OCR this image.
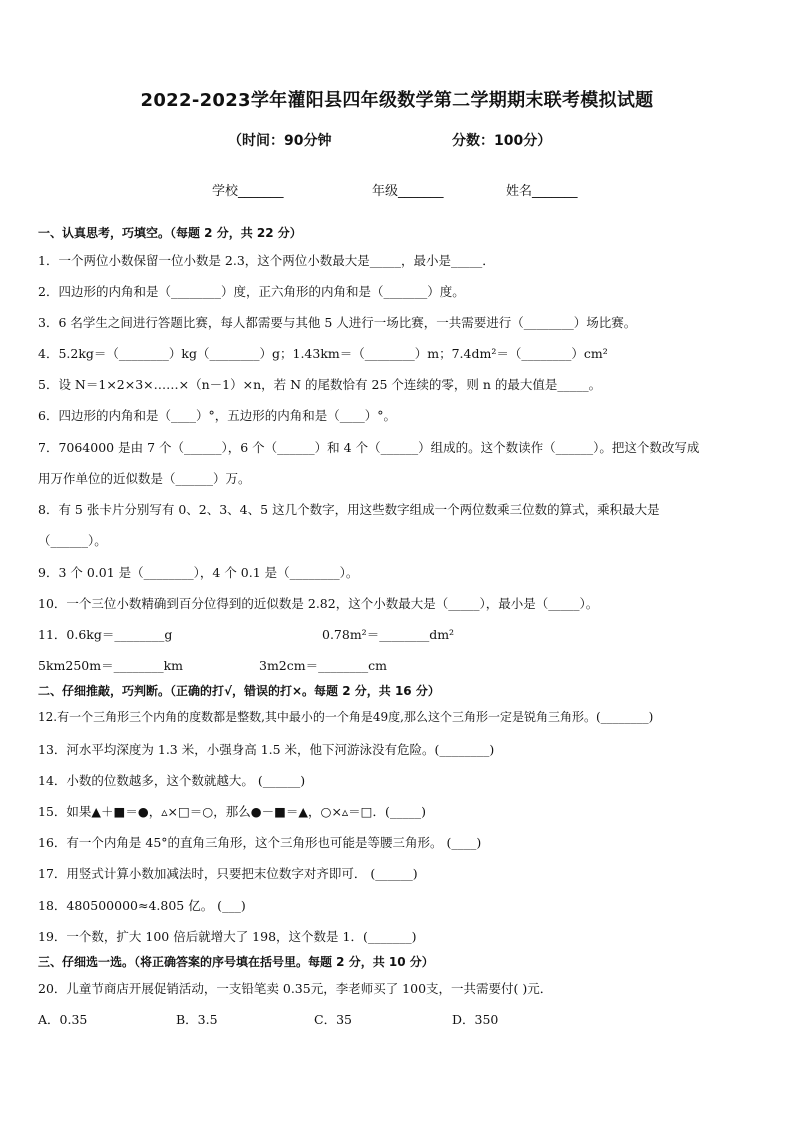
2022-2023学年灌阳县四年级数学第二学期期末联考模拟试题
（时间：90分钟	分数：100分）
学校_______	年级_______	姓名_______
一、认真思考，巧填空。（每题 2 分，共 22 分）
1．一个两位小数保留一位小数是 2.3，这个两位小数最大是_____，最小是_____．
2．四边形的内角和是（________）度，正六角形的内角和是（_______）度。
3．6 名学生之间进行答题比赛，每人都需要与其他 5 人进行一场比赛，一共需要进行（________）场比赛。
4．5.2kg＝（________）kg（________）g；1.43km＝（________）m；7.4dm²＝（________）cm²
5．设 N＝1×2×3×……×（n－1）×n，若 N 的尾数恰有 25 个连续的零，则 n 的最大值是_____。
6．四边形的内角和是（____）°，五边形的内角和是（____）°。
7．7064000 是由 7 个（______），6 个（______）和 4 个（______）组成的。这个数读作（______）。把这个数改写成
用万作单位的近似数是（______）万。
8．有 5 张卡片分别写有 0、2、3、4、5 这几个数字，用这些数字组成一个两位数乘三位数的算式，乘积最大是
（______）。
9．3 个 0.01 是（________），4 个 0.1 是（________）。
10．一个三位小数精确到百分位得到的近似数是 2.82，这个小数最大是（_____），最小是（_____）。
11．0.6kg＝________g	0.78m²＝________dm²
5km250m＝________km	3m2cm＝________cm
二、仔细推敲，巧判断。（正确的打√，错误的打×。每题 2 分，共 16 分）
12.有一个三角形三个内角的度数都是整数,其中最小的一个角是49度,那么这个三角形一定是锐角三角形。(________)
13．河水平均深度为 1.3 米，小强身高 1.5 米，他下河游泳没有危险。(________)
14．小数的位数越多，这个数就越大。 (______)
15．如果▲＋■＝●，▵×□＝○，那么●－■＝▲，○×▵＝□．(_____)
16．有一个内角是 45°的直角三角形，这个三角形也可能是等腰三角形。 (____)
17．用竖式计算小数加减法时，只要把末位数字对齐即可． (______)
18．480500000≈4.805 亿。 (___)
19．一个数，扩大 100 倍后就增大了 198，这个数是 1．(_______)
三、仔细选一选。（将正确答案的序号填在括号里。每题 2 分，共 10 分）
20．儿童节商店开展促销活动，一支铅笔卖 0.35元，李老师买了 100支，一共需要付( )元．
A．0.35	B．3.5	C．35	D．350
